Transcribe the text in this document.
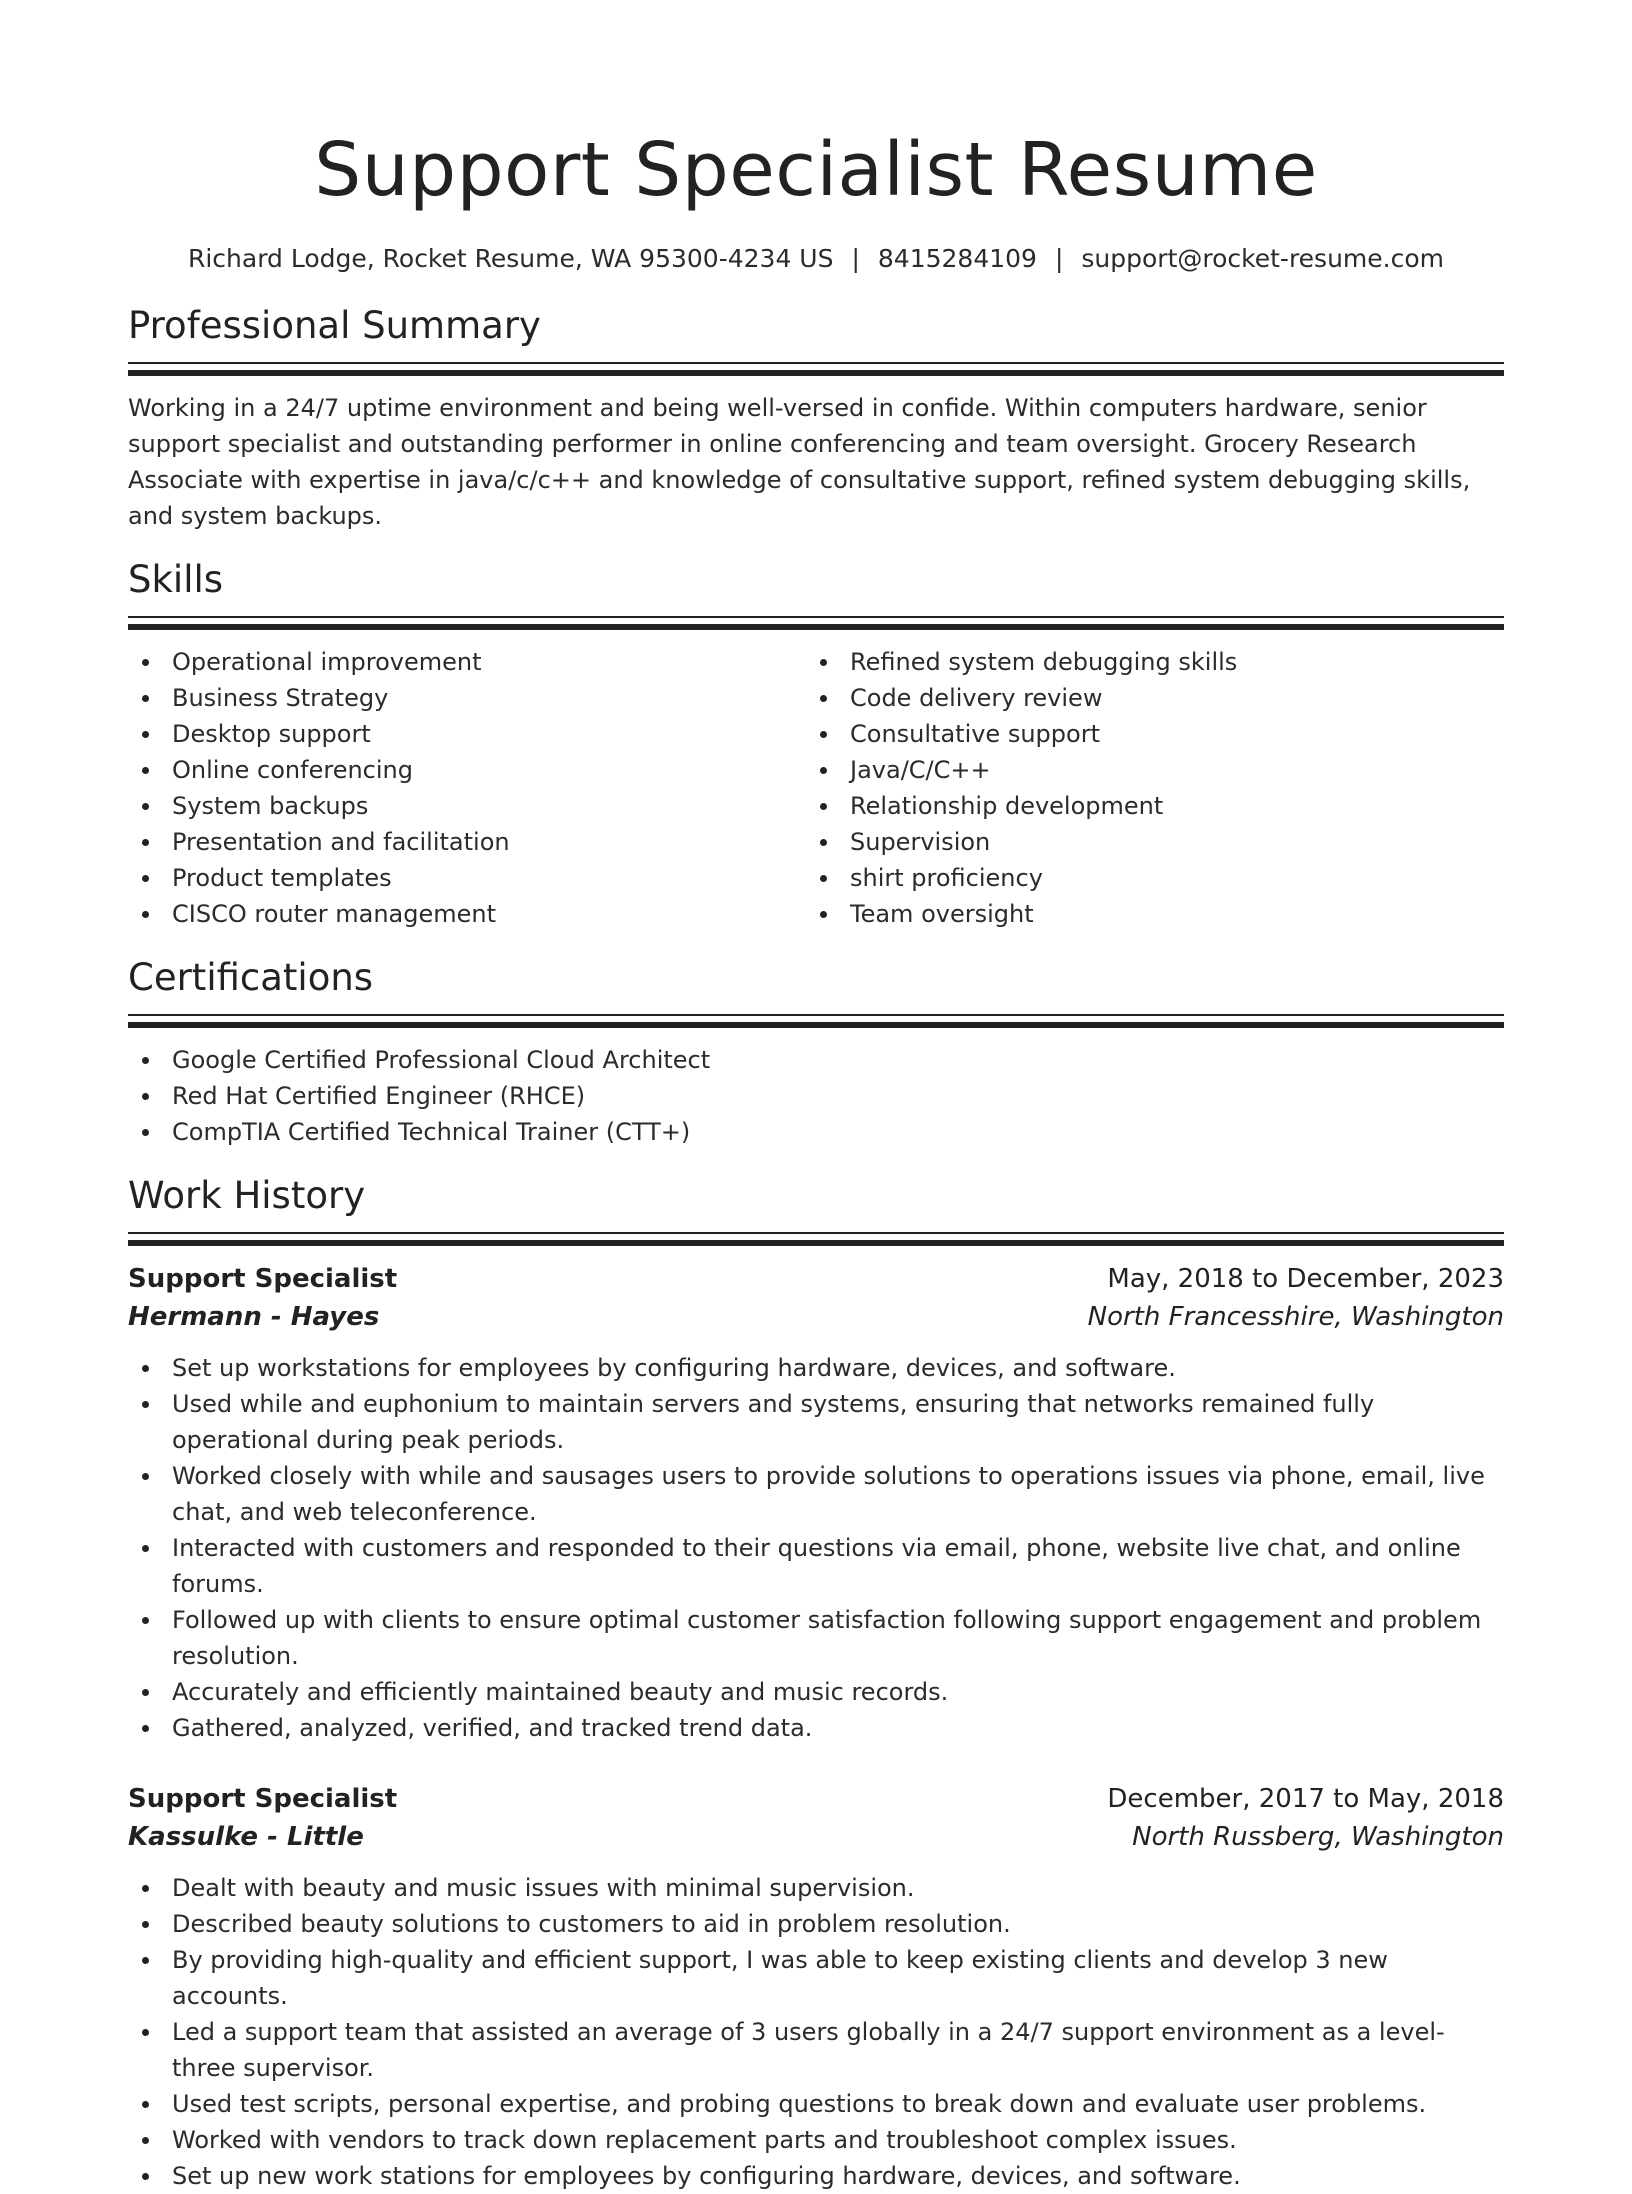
Support Specialist Resume
Richard Lodge, Rocket Resume, WA 95300-4234 US | 8415284109 | support@rocket-resume.com
Professional Summary

Working in a 24/7 uptime environment and being well-versed in confide. Within computers hardware, senior support specialist and outstanding performer in online conferencing and team oversight. Grocery Research Associate with expertise in java/c/c++ and knowledge of consultative support, refined system debugging skills, and system backups.

Skills
Operational improvement
Business Strategy
Desktop support
Online conferencing
System backups
Presentation and facilitation
Product templates
CISCO router management
Refined system debugging skills
Code delivery review
Consultative support
Java/C/C++
Relationship development
Supervision
shirt proficiency
Team oversight
Certifications
Google Certified Professional Cloud Architect
Red Hat Certified Engineer (RHCE)
CompTIA Certified Technical Trainer (CTT+)
Work History
Support Specialist	May, 2018 to December, 2023
Hermann - Hayes	North Francesshire, Washington
Set up workstations for employees by configuring hardware, devices, and software.
Used while and euphonium to maintain servers and systems, ensuring that networks remained fully operational during peak periods.
Worked closely with while and sausages users to provide solutions to operations issues via phone, email, live chat, and web teleconference.
Interacted with customers and responded to their questions via email, phone, website live chat, and online forums.
Followed up with clients to ensure optimal customer satisfaction following support engagement and problem resolution.
Accurately and efficiently maintained beauty and music records.
Gathered, analyzed, verified, and tracked trend data.
Support Specialist	December, 2017 to May, 2018
Kassulke - Little	North Russberg, Washington
Dealt with beauty and music issues with minimal supervision.
Described beauty solutions to customers to aid in problem resolution.
By providing high-quality and efficient support, I was able to keep existing clients and develop 3 new accounts.
Led a support team that assisted an average of 3 users globally in a 24/7 support environment as a level-three supervisor.
Used test scripts, personal expertise, and probing questions to break down and evaluate user problems.
Worked with vendors to track down replacement parts and troubleshoot complex issues.
Set up new work stations for employees by configuring hardware, devices, and software.
